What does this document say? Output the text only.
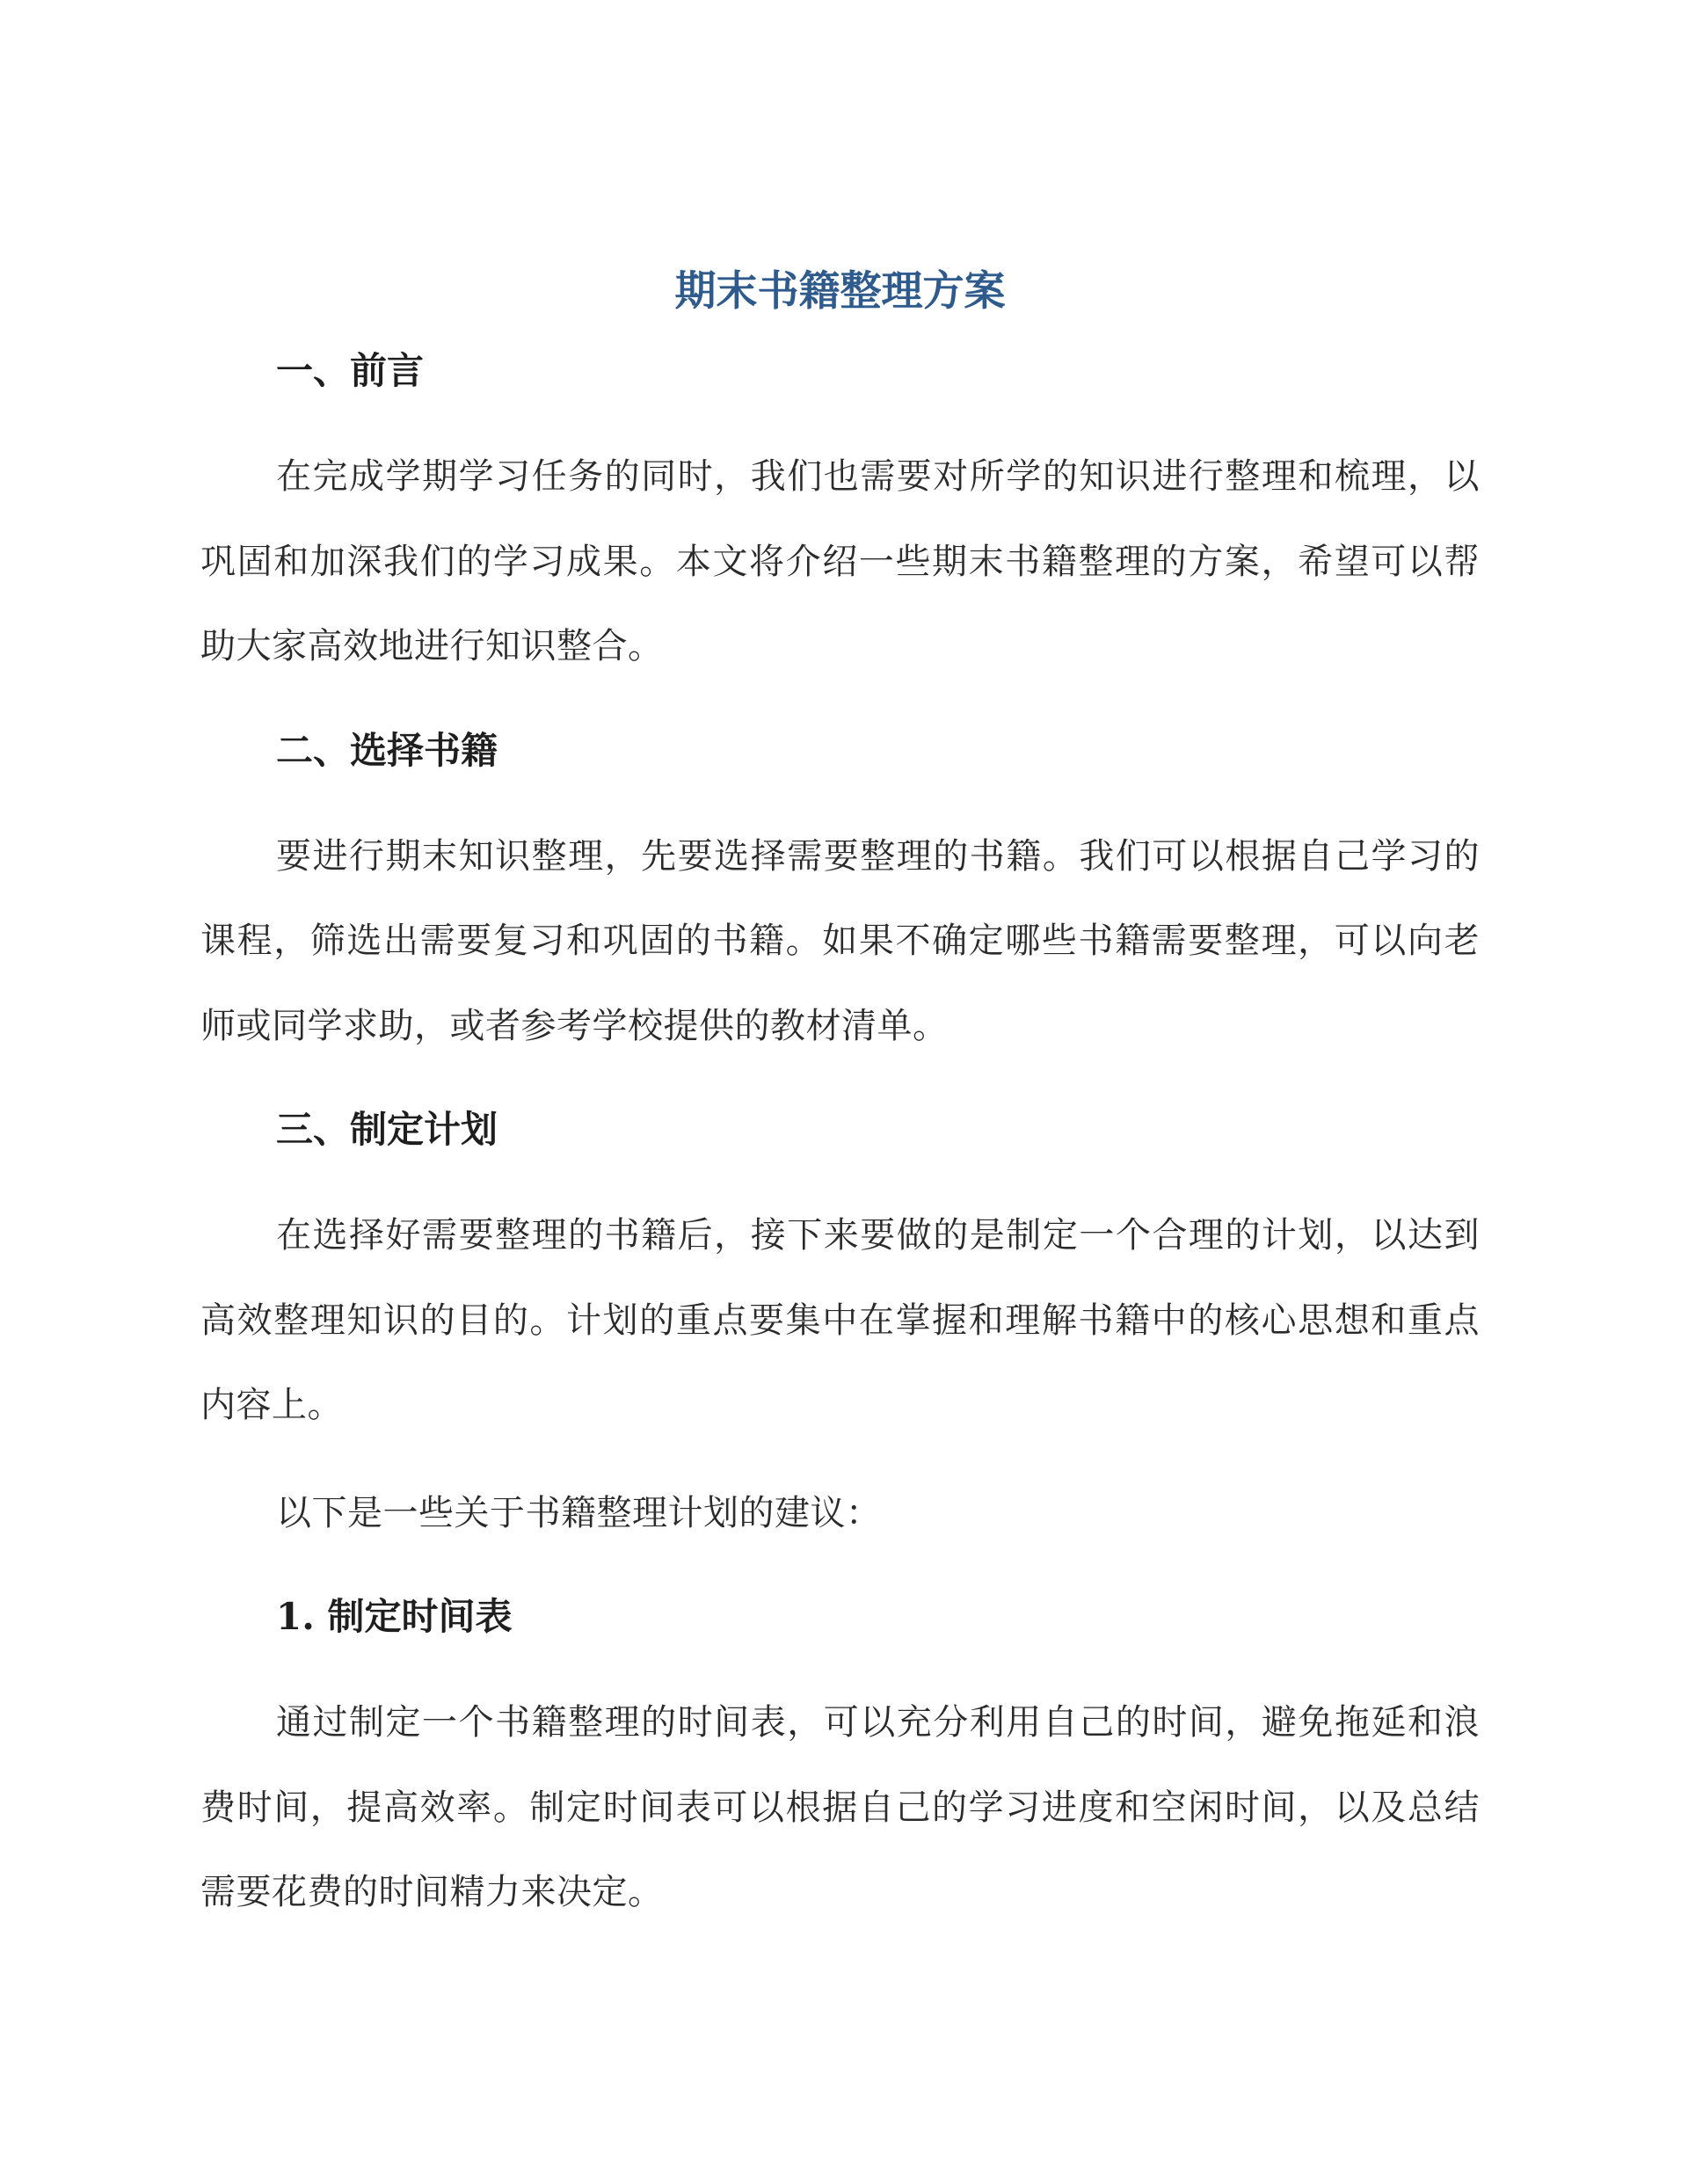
期末书籍整理方案
一、前言

在完成学期学习任务的同时，我们也需要对所学的知识进行整理和梳理，以巩固和加深我们的学习成果。本文将介绍一些期末书籍整理的方案，希望可以帮助大家高效地进行知识整合。

二、选择书籍

要进行期末知识整理，先要选择需要整理的书籍。我们可以根据自己学习的课程，筛选出需要复习和巩固的书籍。如果不确定哪些书籍需要整理，可以向老师或同学求助，或者参考学校提供的教材清单。

三、制定计划

在选择好需要整理的书籍后，接下来要做的是制定一个合理的计划，以达到高效整理知识的目的。计划的重点要集中在掌握和理解书籍中的核心思想和重点内容上。

以下是一些关于书籍整理计划的建议：

1. 制定时间表

通过制定一个书籍整理的时间表，可以充分利用自己的时间，避免拖延和浪费时间，提高效率。制定时间表可以根据自己的学习进度和空闲时间，以及总结需要花费的时间精力来决定。
